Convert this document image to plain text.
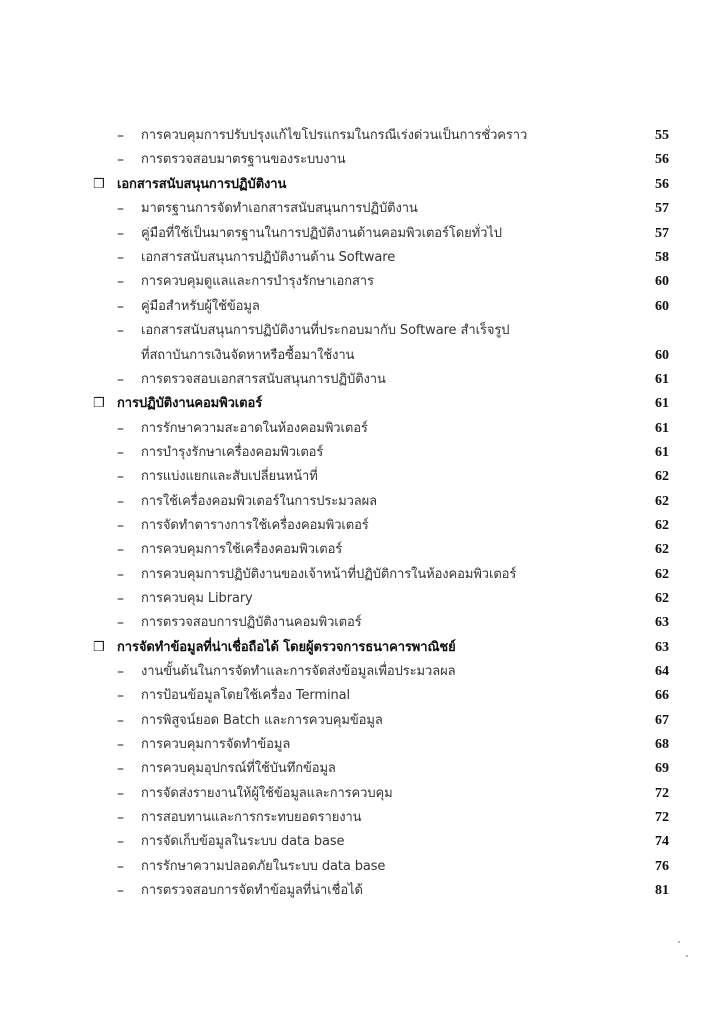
– การควบคุมการปรับปรุงแก้ไขโปรแกรมในกรณีเร่งด่วนเป็นการชั่วคราว	55
– การตรวจสอบมาตรฐานของระบบงาน	56
❒ เอกสารสนับสนุนการปฏิบัติงาน	56
– มาตรฐานการจัดทำเอกสารสนับสนุนการปฏิบัติงาน	57
– คู่มือที่ใช้เป็นมาตรฐานในการปฏิบัติงานด้านคอมพิวเตอร์โดยทั่วไป	57
– เอกสารสนับสนุนการปฏิบัติงานด้าน Software	58
– การควบคุมดูแลและการบำรุงรักษาเอกสาร	60
– คู่มือสำหรับผู้ใช้ข้อมูล	60
– เอกสารสนับสนุนการปฏิบัติงานที่ประกอบมากับ Software สำเร็จรูป
ที่สถาบันการเงินจัดหาหรือซื้อมาใช้งาน	60
– การตรวจสอบเอกสารสนับสนุนการปฏิบัติงาน	61
❒ การปฏิบัติงานคอมพิวเตอร์	61
– การรักษาความสะอาดในห้องคอมพิวเตอร์	61
– การบำรุงรักษาเครื่องคอมพิวเตอร์	61
– การแบ่งแยกและสับเปลี่ยนหน้าที่	62
– การใช้เครื่องคอมพิวเตอร์ในการประมวลผล	62
– การจัดทำตารางการใช้เครื่องคอมพิวเตอร์	62
– การควบคุมการใช้เครื่องคอมพิวเตอร์	62
– การควบคุมการปฏิบัติงานของเจ้าหน้าที่ปฏิบัติการในห้องคอมพิวเตอร์	62
– การควบคุม Library	62
– การตรวจสอบการปฏิบัติงานคอมพิวเตอร์	63
❒ การจัดทำข้อมูลที่น่าเชื่อถือได้ โดยผู้ตรวจการธนาคารพาณิชย์	63
– งานขั้นต้นในการจัดทำและการจัดส่งข้อมูลเพื่อประมวลผล	64
– การป้อนข้อมูลโดยใช้เครื่อง Terminal	66
– การพิสูจน์ยอด Batch และการควบคุมข้อมูล	67
– การควบคุมการจัดทำข้อมูล	68
– การควบคุมอุปกรณ์ที่ใช้บันทึกข้อมูล	69
– การจัดส่งรายงานให้ผู้ใช้ข้อมูลและการควบคุม	72
– การสอบทานและการกระทบยอดรายงาน	72
– การจัดเก็บข้อมูลในระบบ data base	74
– การรักษาความปลอดภัยในระบบ data base	76
– การตรวจสอบการจัดทำข้อมูลที่น่าเชื่อได้	81
